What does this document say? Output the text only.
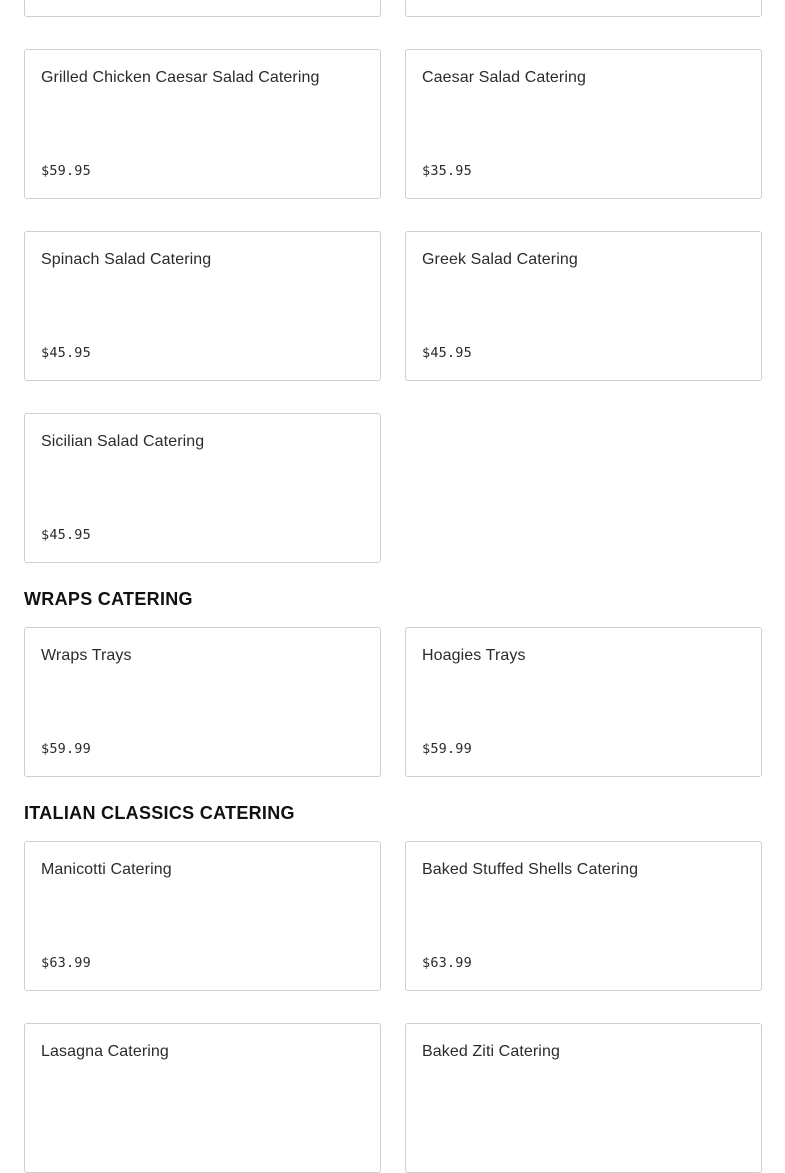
Grilled Chicken Caesar Salad Catering
$59.95
Caesar Salad Catering
$35.95
Spinach Salad Catering
$45.95
Greek Salad Catering
$45.95
Sicilian Salad Catering
$45.95
WRAPS CATERING
Wraps Trays
$59.99
Hoagies Trays
$59.99
ITALIAN CLASSICS CATERING
Manicotti Catering
$63.99
Baked Stuffed Shells Catering
$63.99
Lasagna Catering	Baked Ziti Catering
